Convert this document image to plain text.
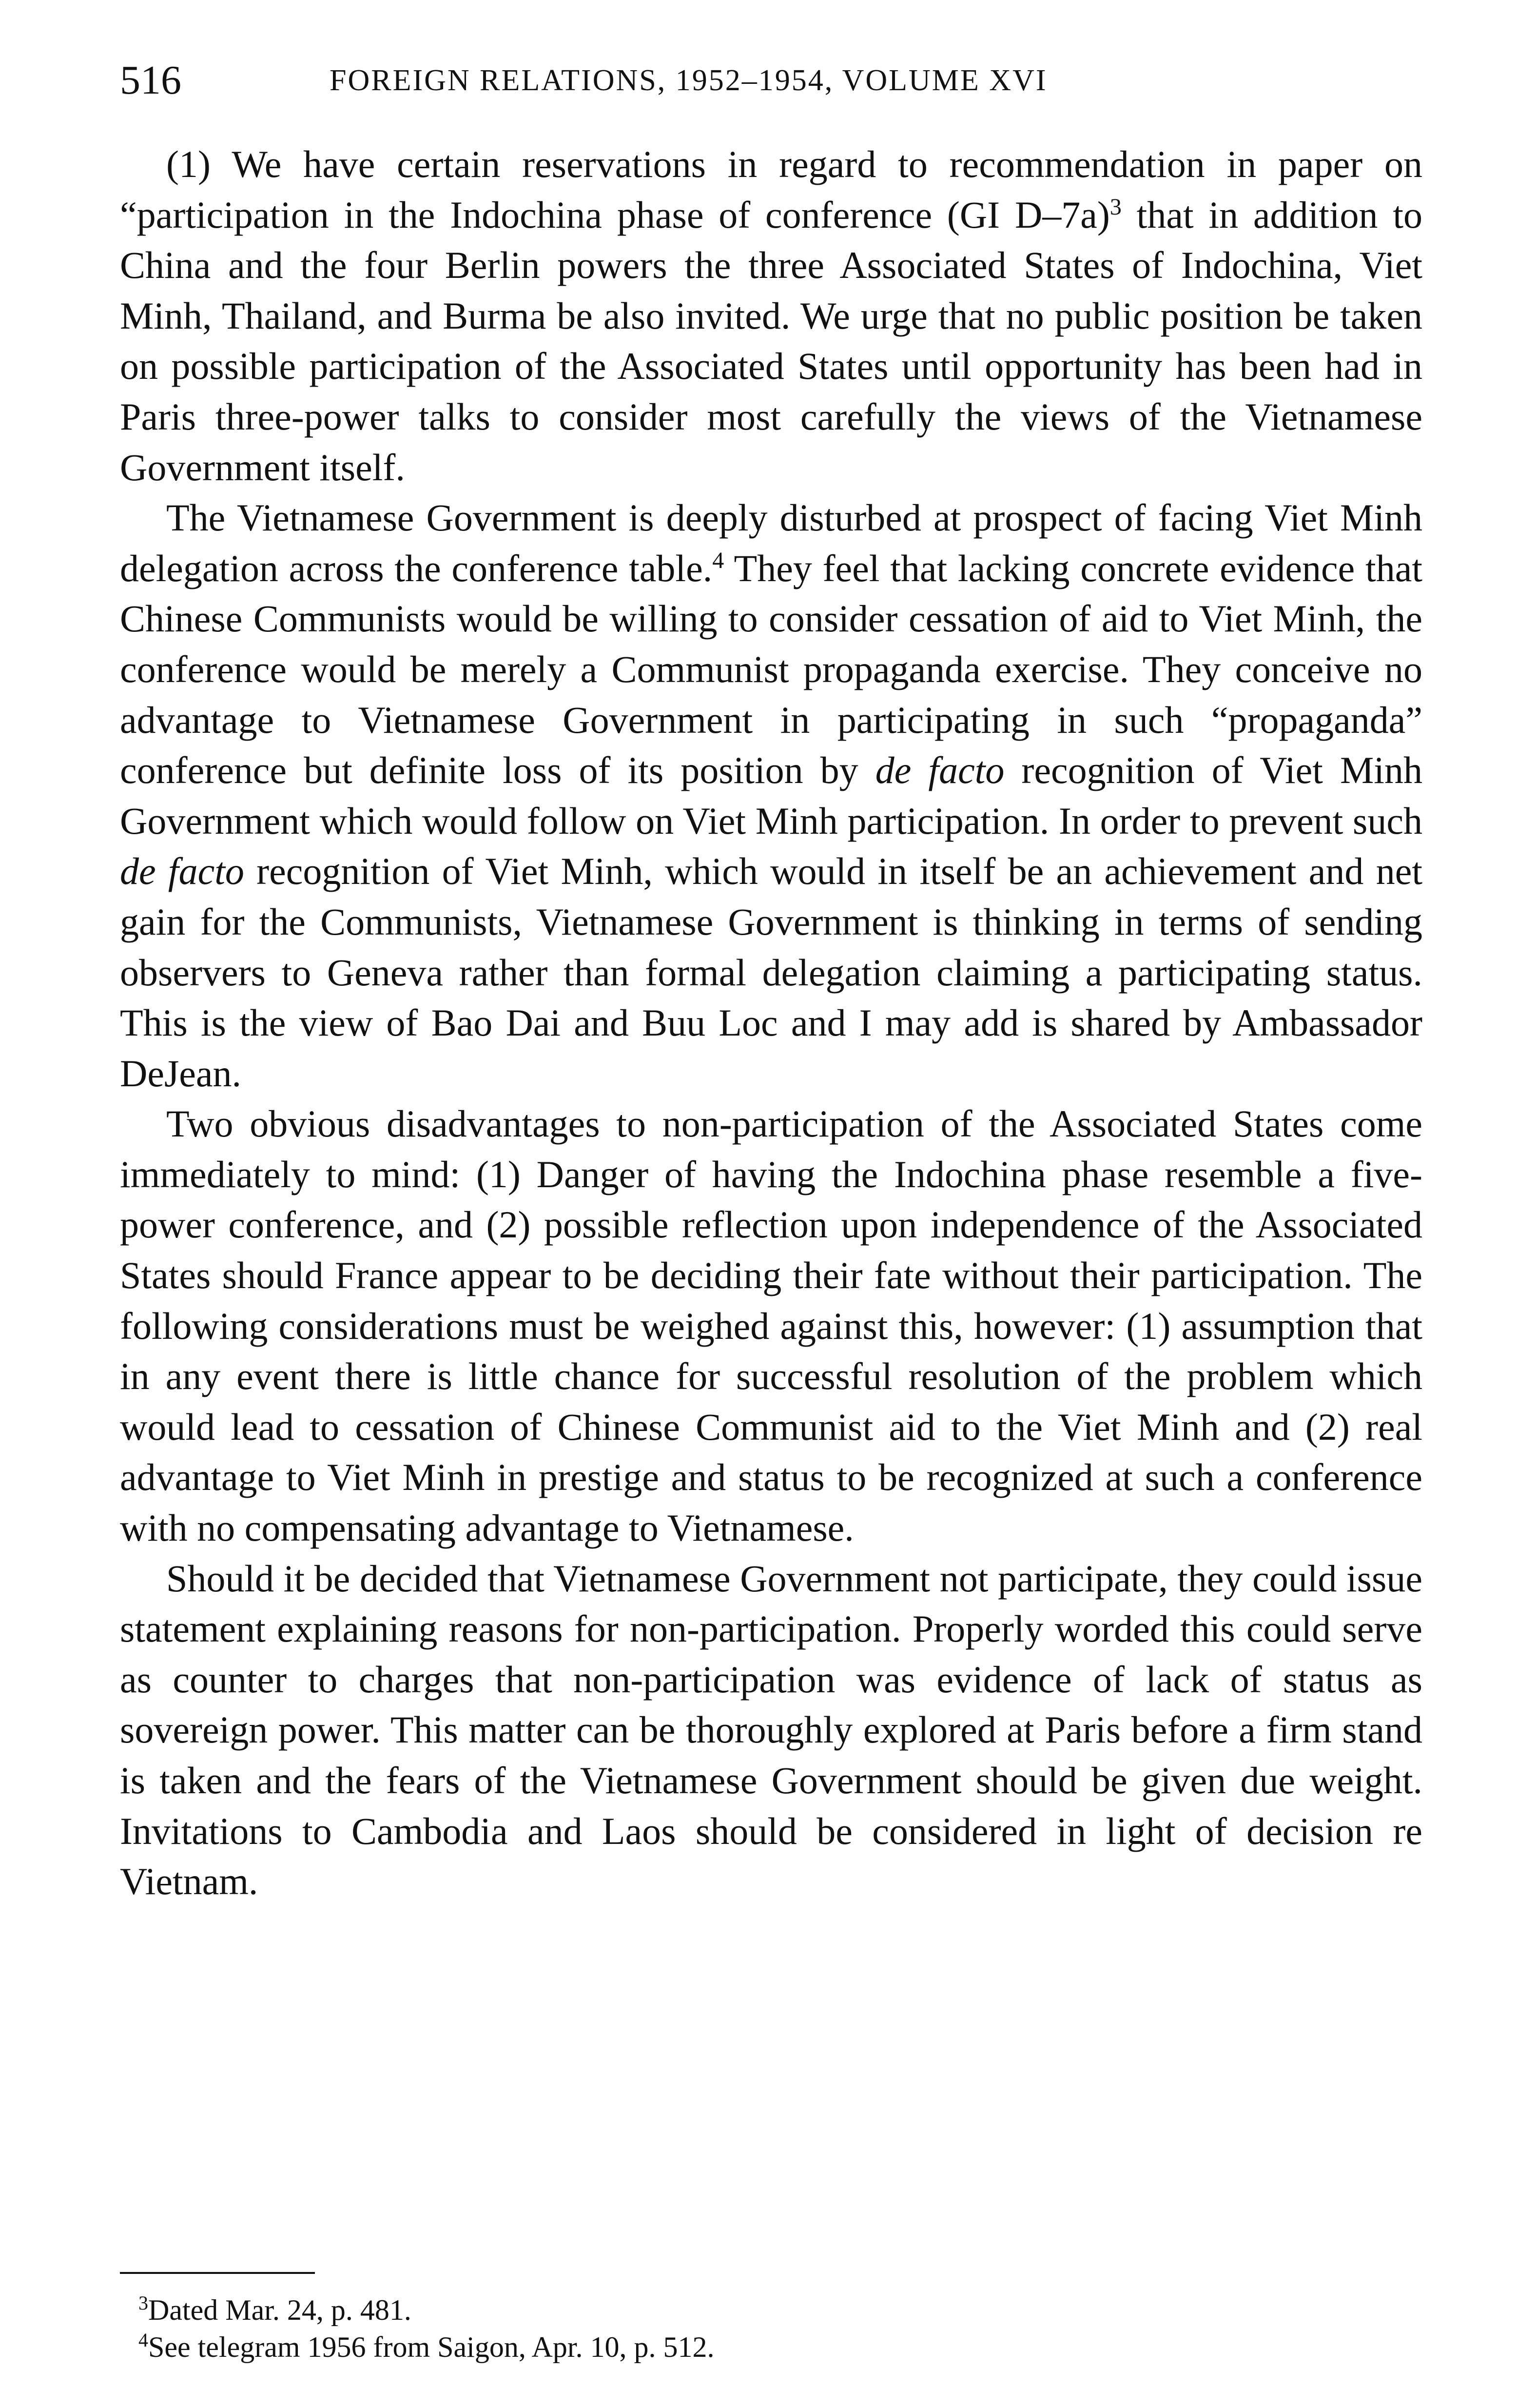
516	FOREIGN RELATIONS, 1952–1954, VOLUME XVI

(1) We have certain reservations in regard to recommendation in paper on “participation in the Indochina phase of conference (GI D–7a)$^3$ that in addition to China and the four Berlin powers the three Associated States of Indochina, Viet Minh, Thailand, and Burma be also invited. We urge that no public position be taken on possible participation of the Associated States until opportunity has been had in Paris three-power talks to consider most carefully the views of the Vietnamese Government itself.

The Vietnamese Government is deeply disturbed at prospect of facing Viet Minh delegation across the conference table.$^4$ They feel that lacking concrete evidence that Chinese Communists would be willing to consider cessation of aid to Viet Minh, the conference would be merely a Communist propaganda exercise. They conceive no advantage to Vietnamese Government in participating in such “propaganda” conference but definite loss of its position by de facto recognition of Viet Minh Government which would follow on Viet Minh participation. In order to prevent such de facto recognition of Viet Minh, which would in itself be an achievement and net gain for the Communists, Vietnamese Government is thinking in terms of sending observers to Geneva rather than formal delegation claiming a participating status. This is the view of Bao Dai and Buu Loc and I may add is shared by Ambassador DeJean.

Two obvious disadvantages to non-participation of the Associated States come immediately to mind: (1) Danger of having the Indochina phase resemble a five-power conference, and (2) possible reflection upon independence of the Associated States should France appear to be deciding their fate without their participation. The following considerations must be weighed against this, however: (1) assumption that in any event there is little chance for successful resolution of the problem which would lead to cessation of Chinese Communist aid to the Viet Minh and (2) real advantage to Viet Minh in prestige and status to be recognized at such a conference with no compensating advantage to Vietnamese.

Should it be decided that Vietnamese Government not participate, they could issue statement explaining reasons for non-participation. Properly worded this could serve as counter to charges that non-participation was evidence of lack of status as sovereign power. This matter can be thoroughly explored at Paris before a firm stand is taken and the fears of the Vietnamese Government should be given due weight. Invitations to Cambodia and Laos should be considered in light of decision re Vietnam.

$^3$Dated Mar. 24, p. 481.

$^4$See telegram 1956 from Saigon, Apr. 10, p. 512.
